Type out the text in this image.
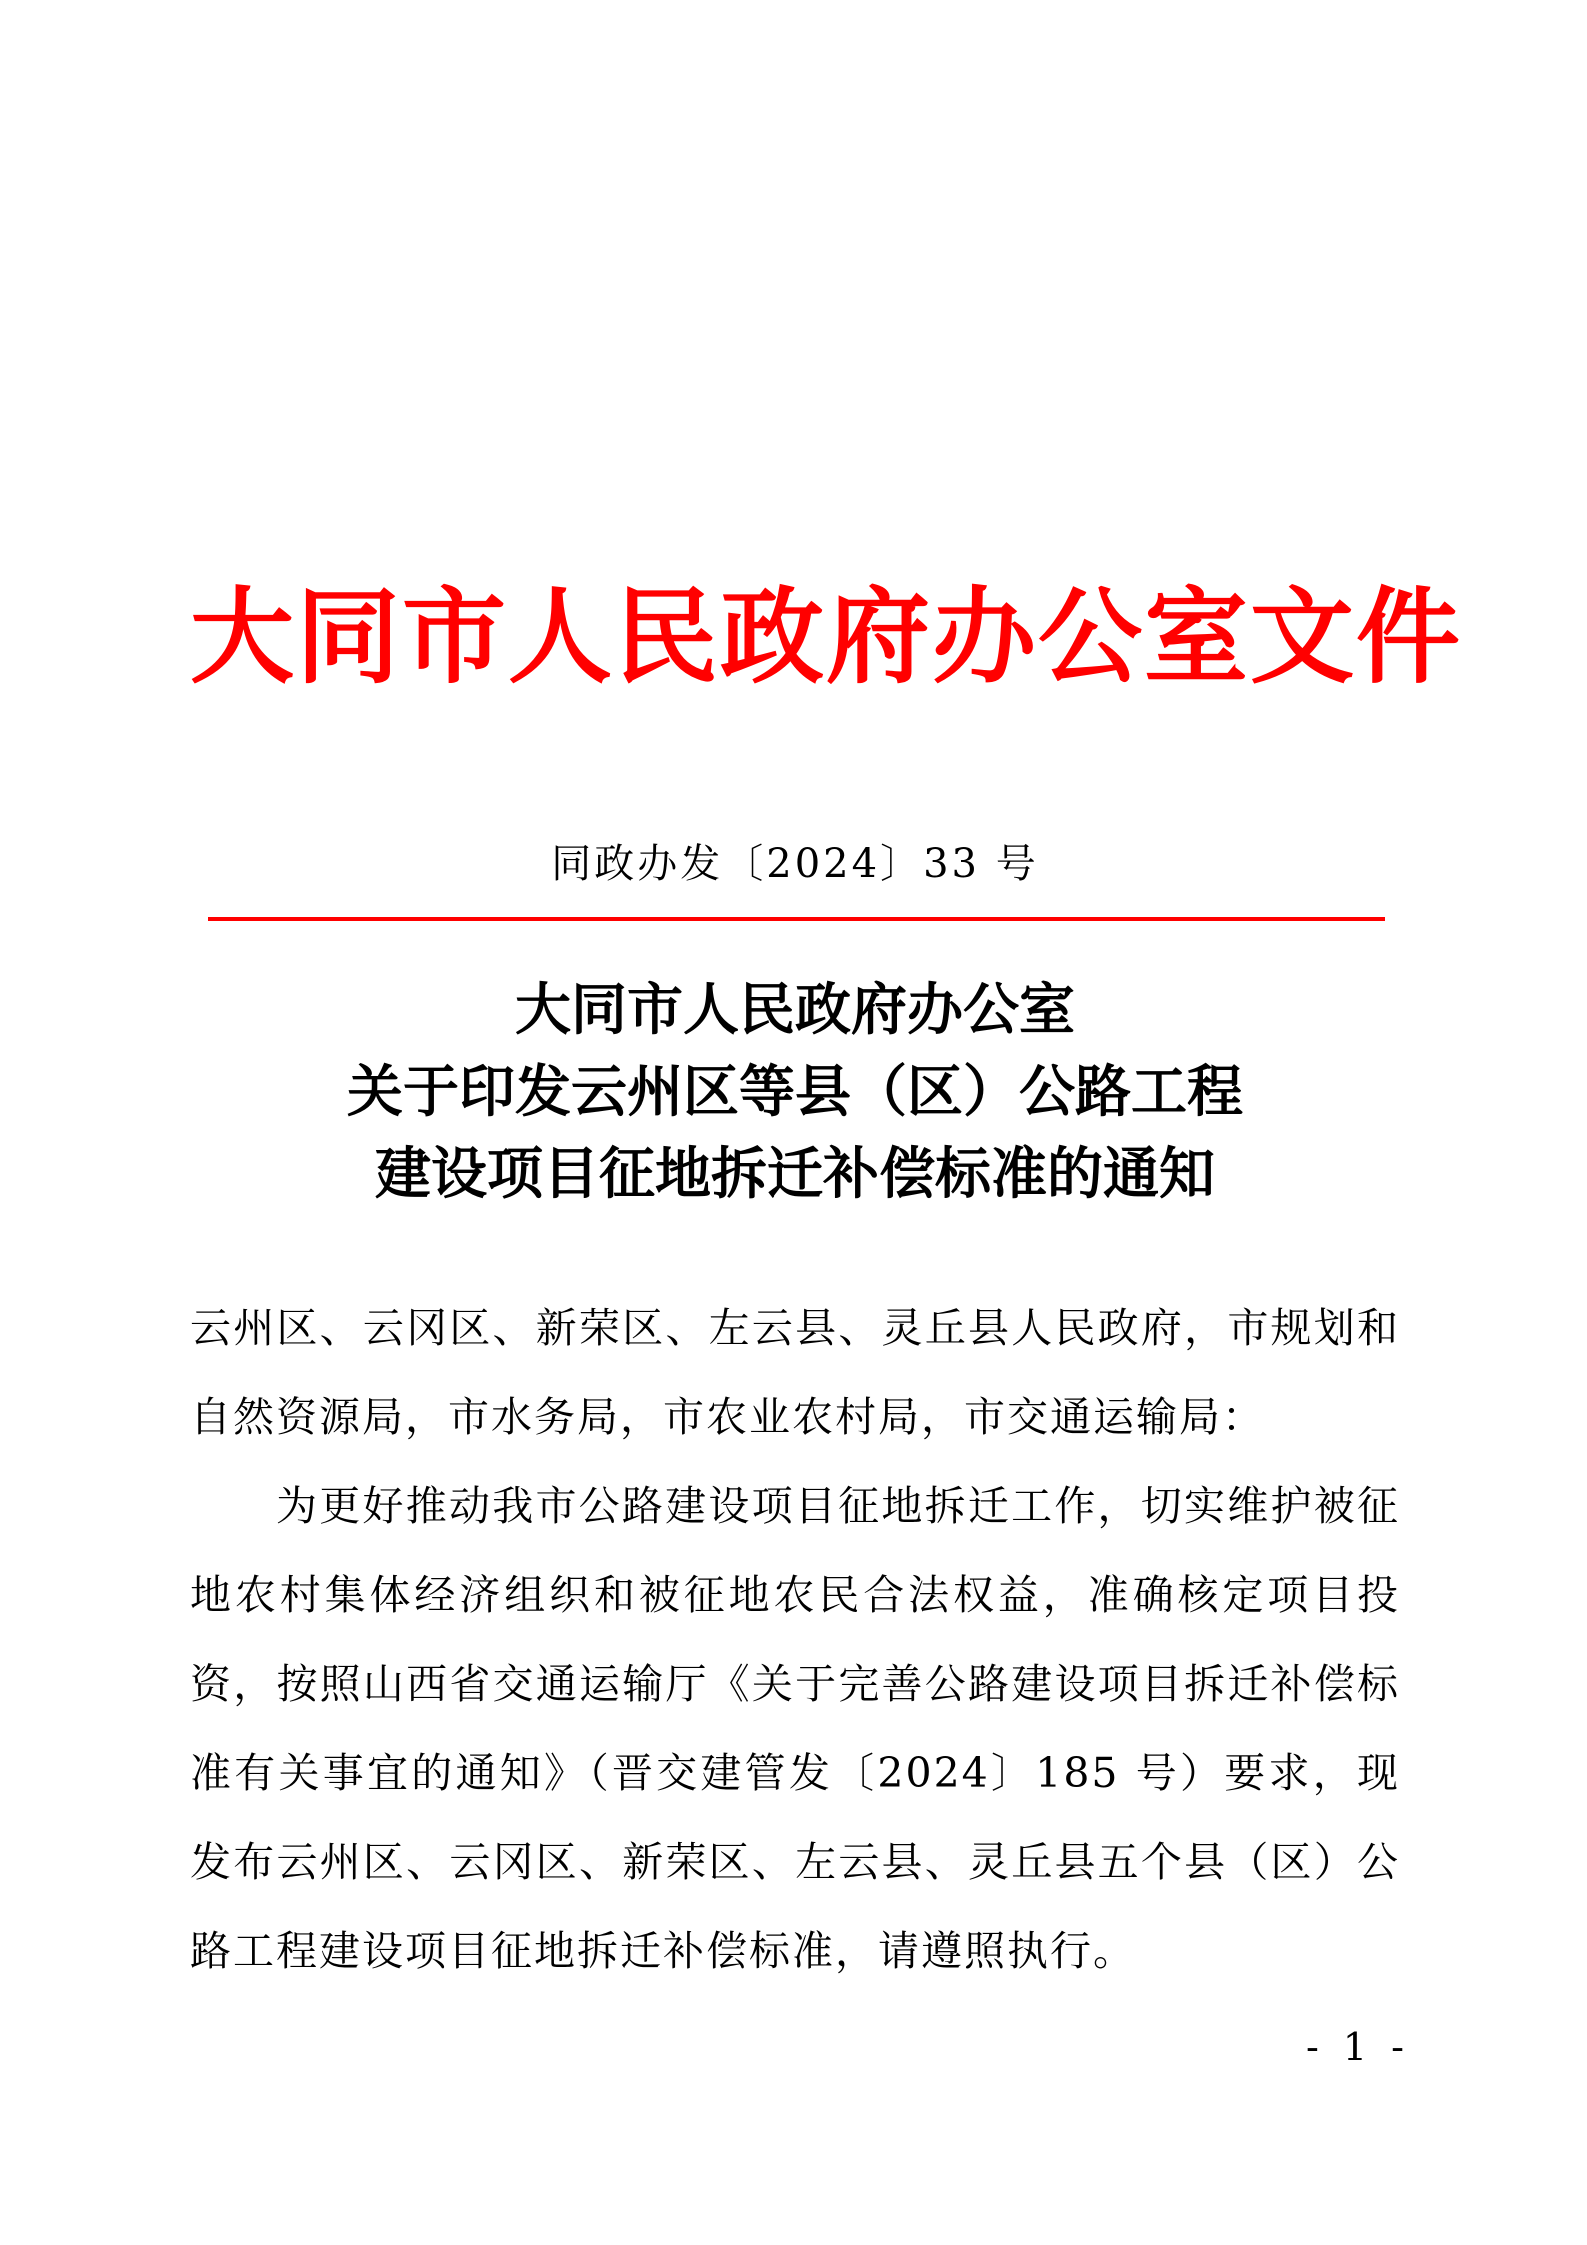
大同市人民政府办公室文件
同政办发〔2024〕33 号
大同市人民政府办公室
关于印发云州区等县（区）公路工程
建设项目征地拆迁补偿标准的通知

云州区、云冈区、新荣区、左云县、灵丘县人民政府，市规划和自然资源局，市水务局，市农业农村局，市交通运输局：

为更好推动我市公路建设项目征地拆迁工作，切实维护被征地农村集体经济组织和被征地农民合法权益，准确核定项目投资，按照山西省交通运输厅《关于完善公路建设项目拆迁补偿标准有关事宜的通知》（晋交建管发〔2024〕185 号）要求，现发布云州区、云冈区、新荣区、左云县、灵丘县五个县（区）公路工程建设项目征地拆迁补偿标准，请遵照执行。

- 1 -
